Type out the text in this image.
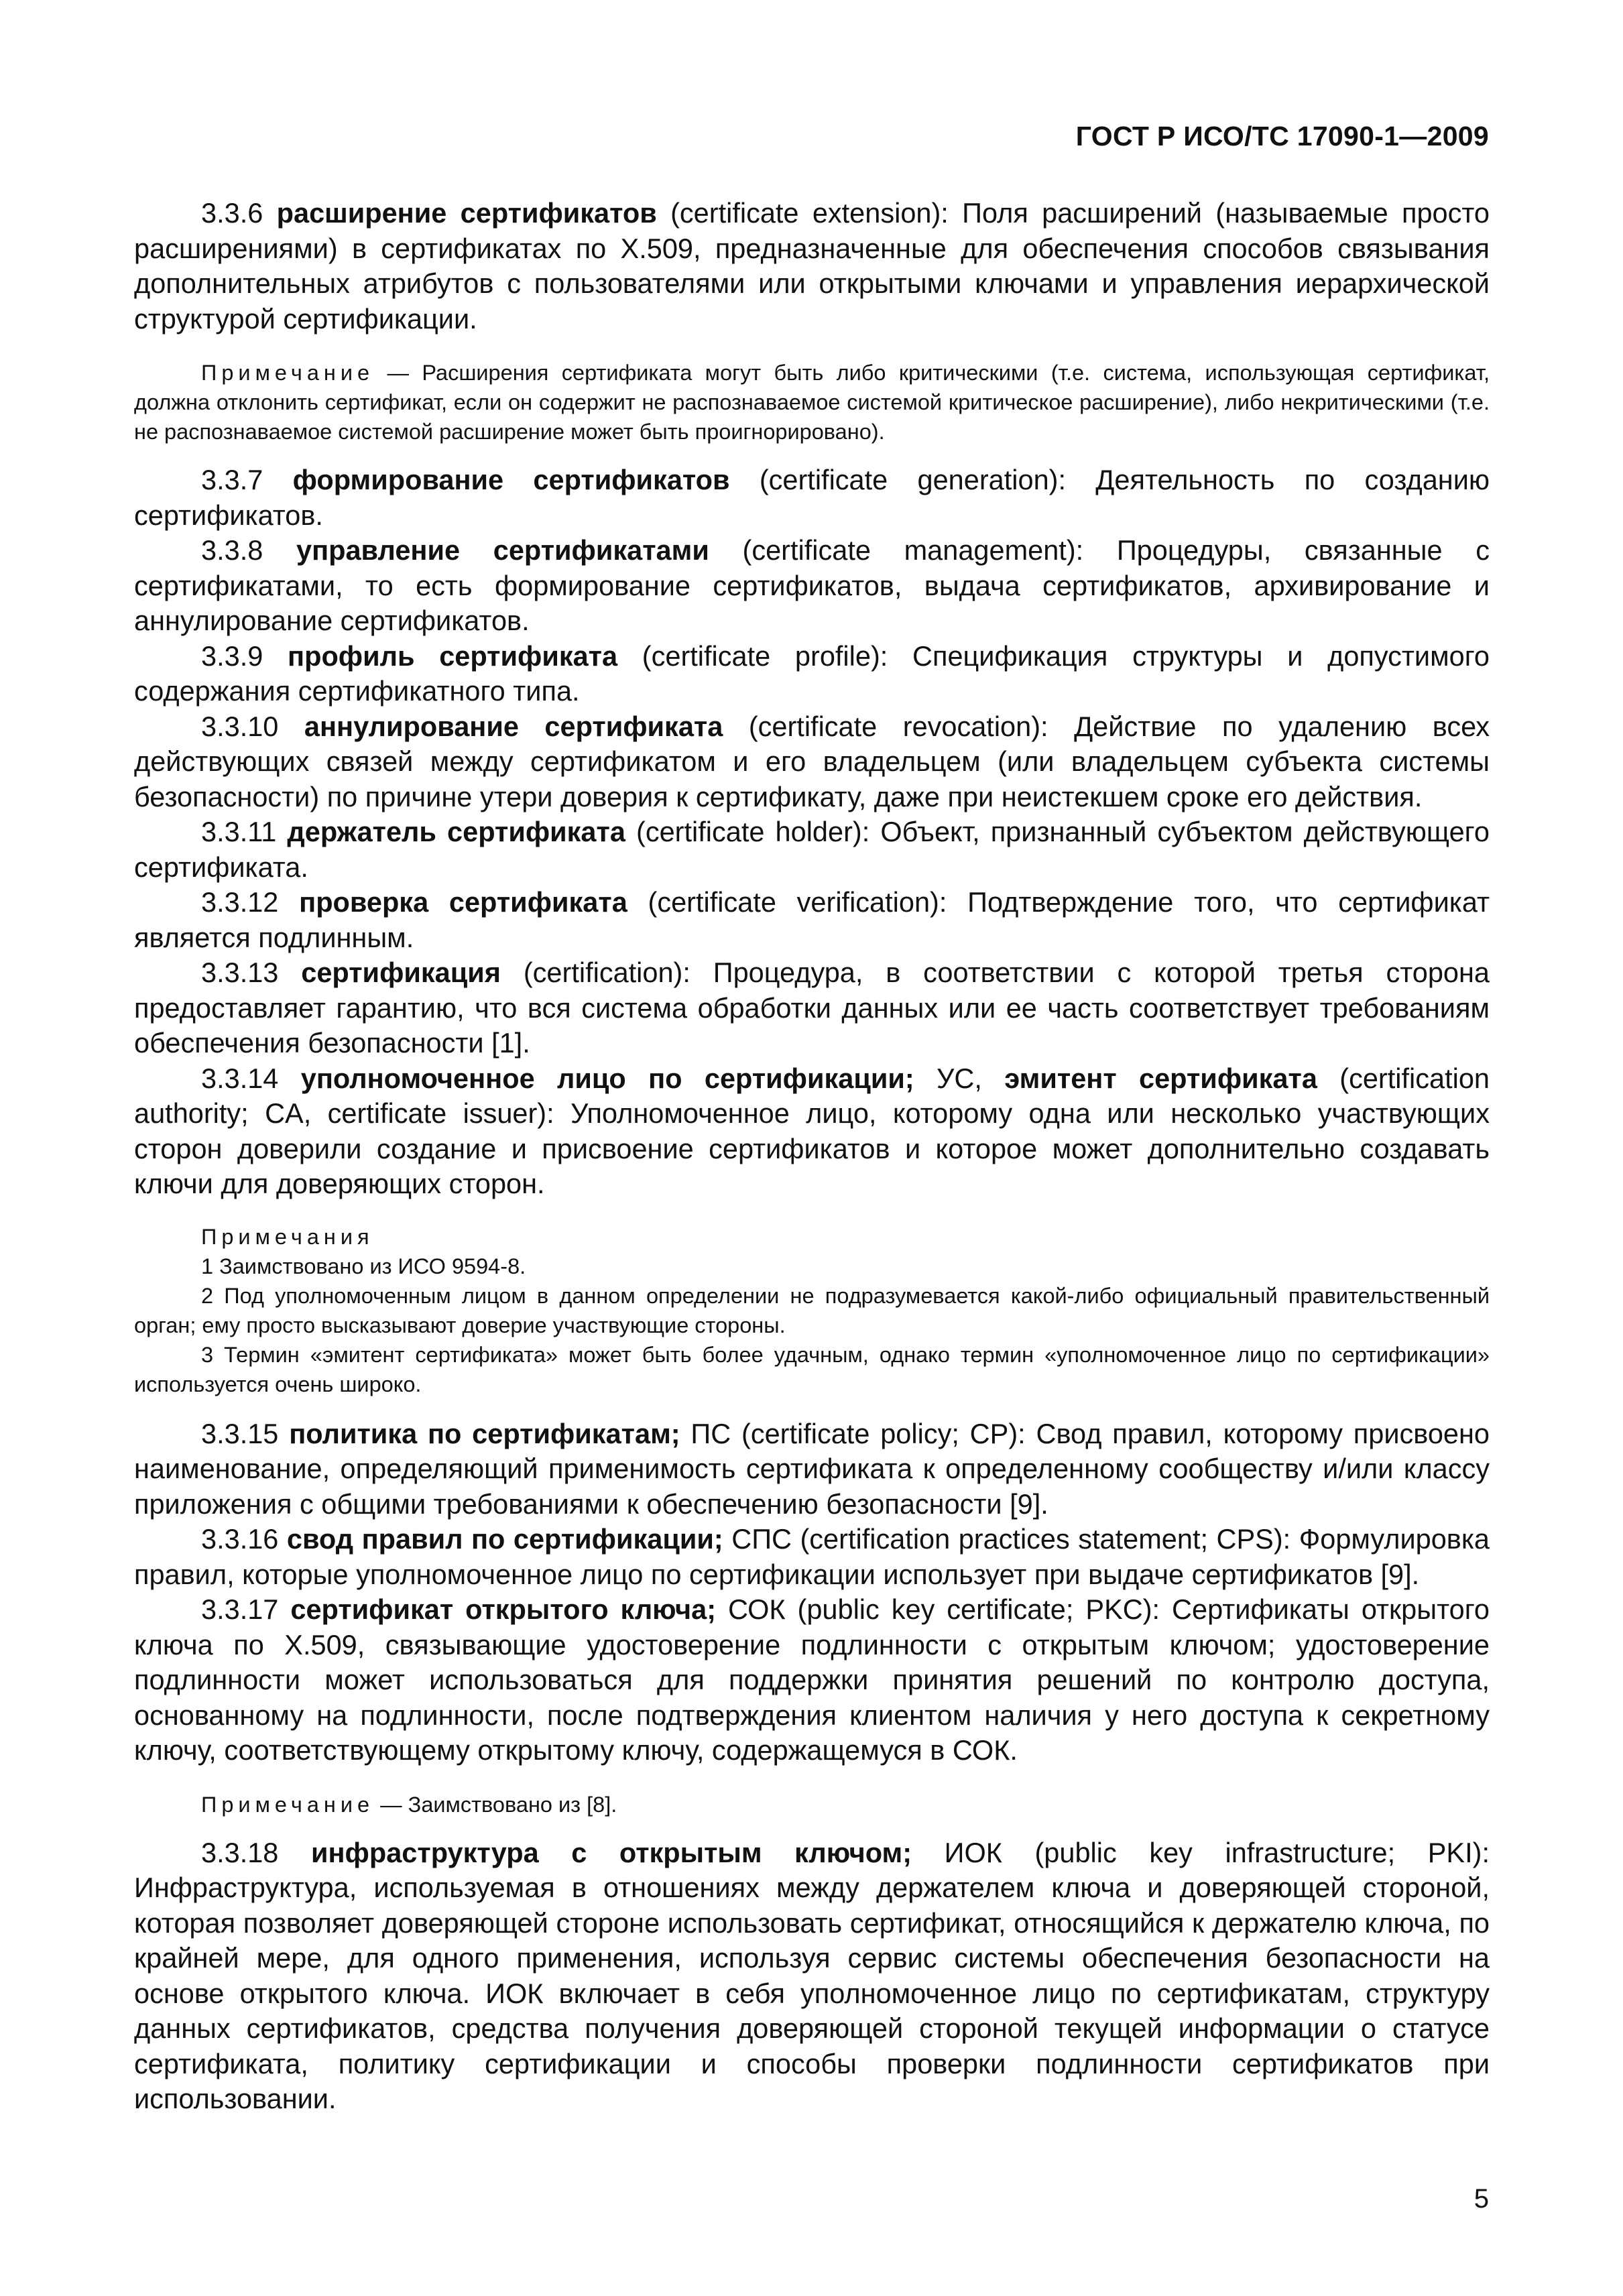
ГОСТ Р ИСО/ТС 17090-1—2009

3.3.6 расширение сертификатов (certificate extension): Поля расширений (называемые просто расширениями) в сертификатах по Х.509, предназначенные для обеспечения способов связывания дополнительных атрибутов с пользователями или открытыми ключами и управления иерархической структурой сертификации.

Примечание — Расширения сертификата могут быть либо критическими (т.е. система, использующая сертификат, должна отклонить сертификат, если он содержит не распознаваемое системой критическое расширение), либо некритическими (т.е. не распознаваемое системой расширение может быть проигнорировано).

3.3.7 формирование сертификатов (certificate generation): Деятельность по созданию сертификатов.

3.3.8 управление сертификатами (certificate management): Процедуры, связанные с сертификатами, то есть формирование сертификатов, выдача сертификатов, архивирование и аннулирование сертификатов.

3.3.9 профиль сертификата (certificate profile): Спецификация структуры и допустимого содержания сертификатного типа.

3.3.10 аннулирование сертификата (certificate revocation): Действие по удалению всех действующих связей между сертификатом и его владельцем (или владельцем субъекта системы безопасности) по причине утери доверия к сертификату, даже при неистекшем сроке его действия.

3.3.11 держатель сертификата (certificate holder): Объект, признанный субъектом действующего сертификата.

3.3.12 проверка сертификата (certificate verification): Подтверждение того, что сертификат является подлинным.

3.3.13 сертификация (certification): Процедура, в соответствии с которой третья сторона предоставляет гарантию, что вся система обработки данных или ее часть соответствует требованиям обеспечения безопасности [1].

3.3.14 уполномоченное лицо по сертификации; УС, эмитент сертификата (certification authority; CA, certificate issuer): Уполномоченное лицо, которому одна или несколько участвующих сторон доверили создание и присвоение сертификатов и которое может дополнительно создавать ключи для доверяющих сторон.

Примечания
1 Заимствовано из ИСО 9594-8.
2 Под уполномоченным лицом в данном определении не подразумевается какой-либо официальный правительственный орган; ему просто высказывают доверие участвующие стороны.
3 Термин «эмитент сертификата» может быть более удачным, однако термин «уполномоченное лицо по сертификации» используется очень широко.

3.3.15 политика по сертификатам; ПС (certificate policy; CP): Свод правил, которому присвоено наименование, определяющий применимость сертификата к определенному сообществу и/или классу приложения с общими требованиями к обеспечению безопасности [9].

3.3.16 свод правил по сертификации; СПС (certification practices statement; CPS): Формулировка правил, которые уполномоченное лицо по сертификации использует при выдаче сертификатов [9].

3.3.17 сертификат открытого ключа; СОК (public key certificate; PKC): Сертификаты открытого ключа по Х.509, связывающие удостоверение подлинности с открытым ключом; удостоверение подлинности может использоваться для поддержки принятия решений по контролю доступа, основанному на подлинности, после подтверждения клиентом наличия у него доступа к секретному ключу, соответствующему открытому ключу, содержащемуся в СОК.

Примечание — Заимствовано из [8].

3.3.18 инфраструктура с открытым ключом; ИОК (public key infrastructure; PKI): Инфраструктура, используемая в отношениях между держателем ключа и доверяющей стороной, которая позволяет доверяющей стороне использовать сертификат, относящийся к держателю ключа, по крайней мере, для одного применения, используя сервис системы обеспечения безопасности на основе открытого ключа. ИОК включает в себя уполномоченное лицо по сертификатам, структуру данных сертификатов, средства получения доверяющей стороной текущей информации о статусе сертификата, политику сертификации и способы проверки подлинности сертификатов при использовании.

5
